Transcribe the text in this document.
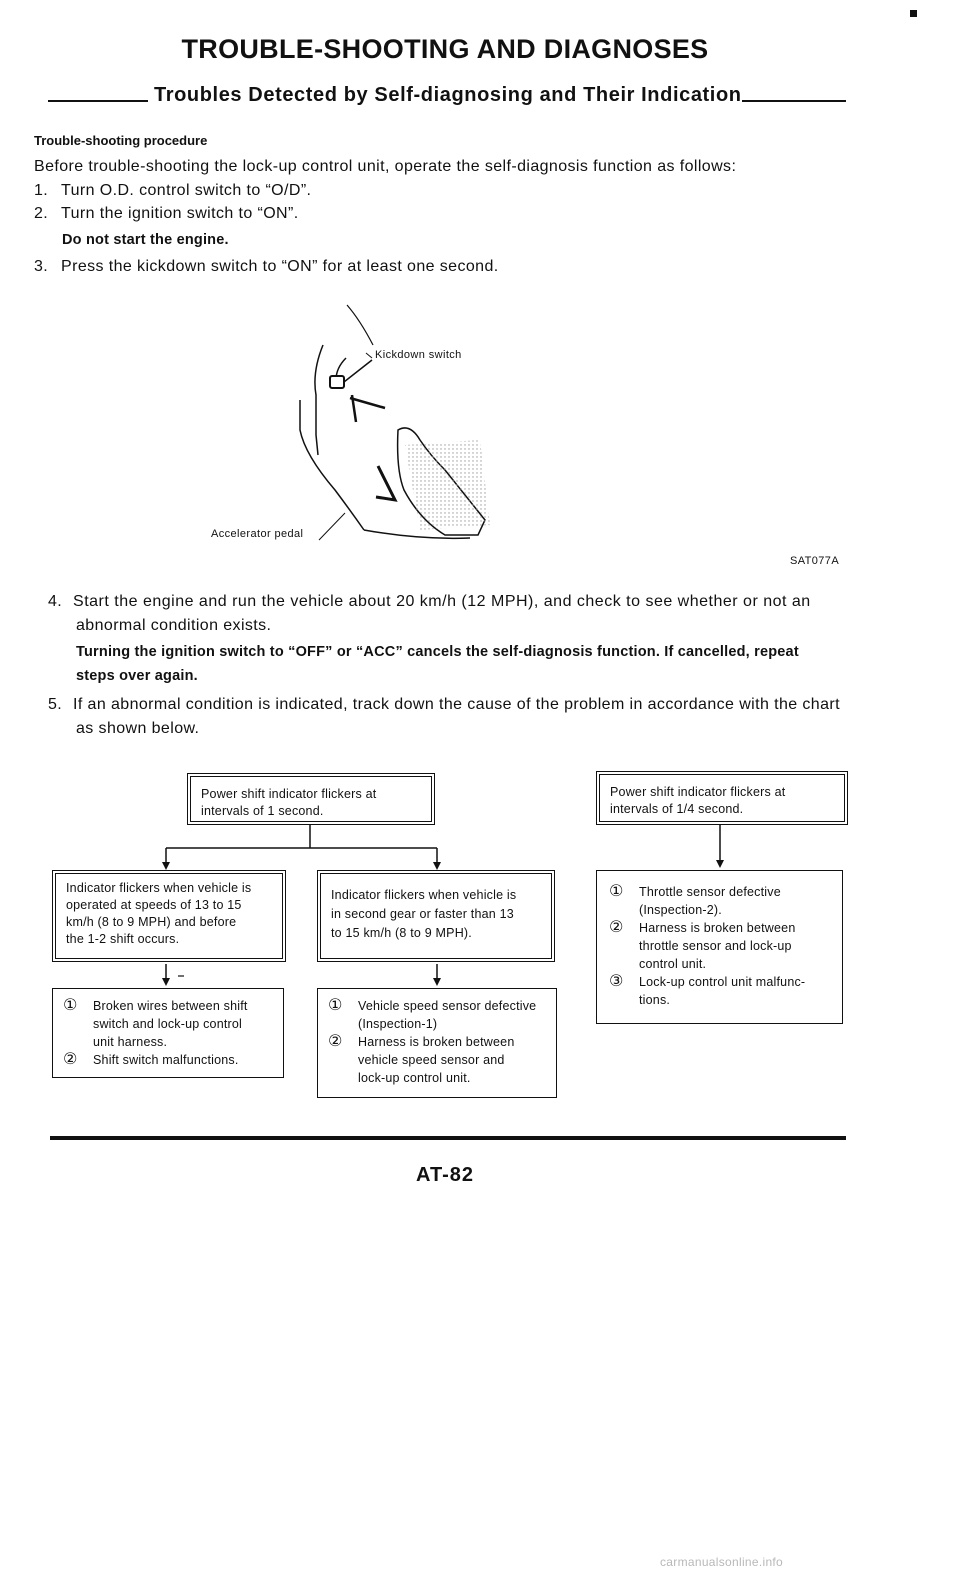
TROUBLE-SHOOTING AND DIAGNOSES
Troubles Detected by Self-diagnosing and Their Indication
Trouble-shooting procedure
Before trouble-shooting the lock-up control unit, operate the self-diagnosis function as follows:
1. Turn O.D. control switch to “O/D”.
2. Turn the ignition switch to “ON”.
Do not start the engine.
3. Press the kickdown switch to “ON” for at least one second.
Kickdown switch
Accelerator pedal
SAT077A
4. Start the engine and run the vehicle about 20 km/h (12 MPH), and check to see whether or not an
abnormal condition exists.
Turning the ignition switch to “OFF” or “ACC” cancels the self-diagnosis function. If cancelled, repeat
steps over again.
5. If an abnormal condition is indicated, track down the cause of the problem in accordance with the chart
as shown below.
Power shift indicator flickers at
intervals of 1 second.
Power shift indicator flickers at
intervals of 1/4 second.
Indicator flickers when vehicle is
operated at speeds of 13 to 15
km/h (8 to 9 MPH) and before
the 1-2 shift occurs.
Indicator flickers when vehicle is
in second gear or faster than 13
to 15 km/h (8 to 9 MPH).
① Throttle sensor defective
(Inspection-2).
② Harness is broken between
throttle sensor and lock-up
control unit.
③ Lock-up control unit malfunc-
tions.
① Broken wires between shift
switch and lock-up control
unit harness.
② Shift switch malfunctions.
① Vehicle speed sensor defective
(Inspection-1)
② Harness is broken between
vehicle speed sensor and
lock-up control unit.
AT-82
carmanualsonline.info
